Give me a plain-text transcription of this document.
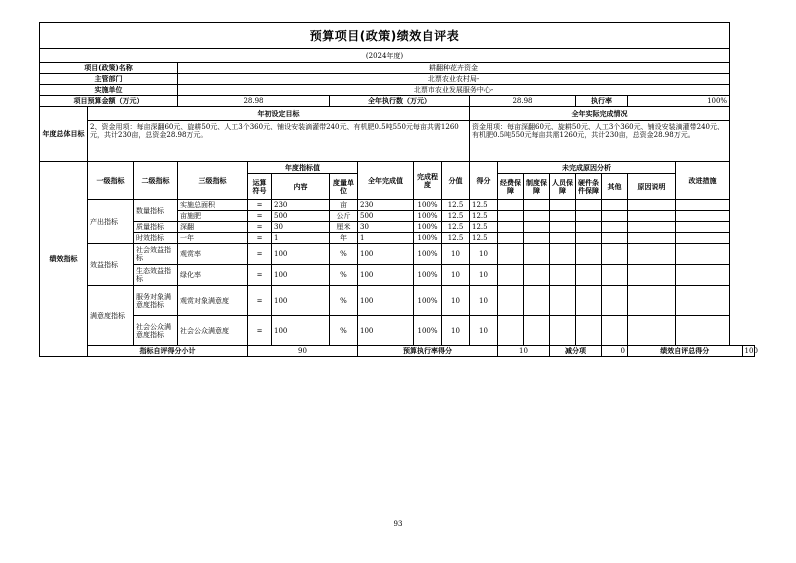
预算项目(政策)绩效自评表																		
(2024年度)																		
项目(政策)名称			耕翻种花卉资金															
主管部门			北票农业农村局-															
实施单位			北票市农业发展服务中心-															
项目预算金额（万元）			28.98			全年执行数（万元）				28.98				执行率		100%		
年度总体目标	年初设定目标									全年实际完成情况								
	2、资金用项：每亩深翻60元、旋耕50元、人工3个360元、铺设安装滴灌带240元、有机肥0.5吨550元每亩共需1260元，共计230亩，总资金28.98万元。									资金用项：每亩深翻60元、旋耕50元、人工3个360元、铺设安装滴灌带240元、有机肥0.5吨550元每亩共需1260元，共计230亩，总资金28.98万元。								
绩效指标	一级指标	二级指标	三级指标	年度指标值			全年完成值	完成程度	分值	得分	未完成原因分析						改进措施	
				运算符号	内容	度量单位					经费保障	制度保障	人员保障	硬件条件保障	其他	原因说明		
	产出指标	数量指标	实施总面积	=	230	亩	230	100%	12.5	12.5								
			亩施肥	=	500	公斤	500	100%	12.5	12.5								
		质量指标	深翻	=	30	厘米	30	100%	12.5	12.5								
		时效指标	一年	=	1	年	1	100%	12.5	12.5								
	效益指标	社会效益指标	观赏率	=	100	%	100	100%	10	10								
		生态效益指标	绿化率	=	100	%	100	100%	10	10								
	满意度指标	服务对象满意度指标	观赏对象满意度	=	100	%	100	100%	10	10								
		社会公众满意度指标	社会公众满意度	=	100	%	100	100%	10	10								
	指标自评得分小计			90			预算执行率得分				10		减分项		0	绩效自评总得分		100
93
